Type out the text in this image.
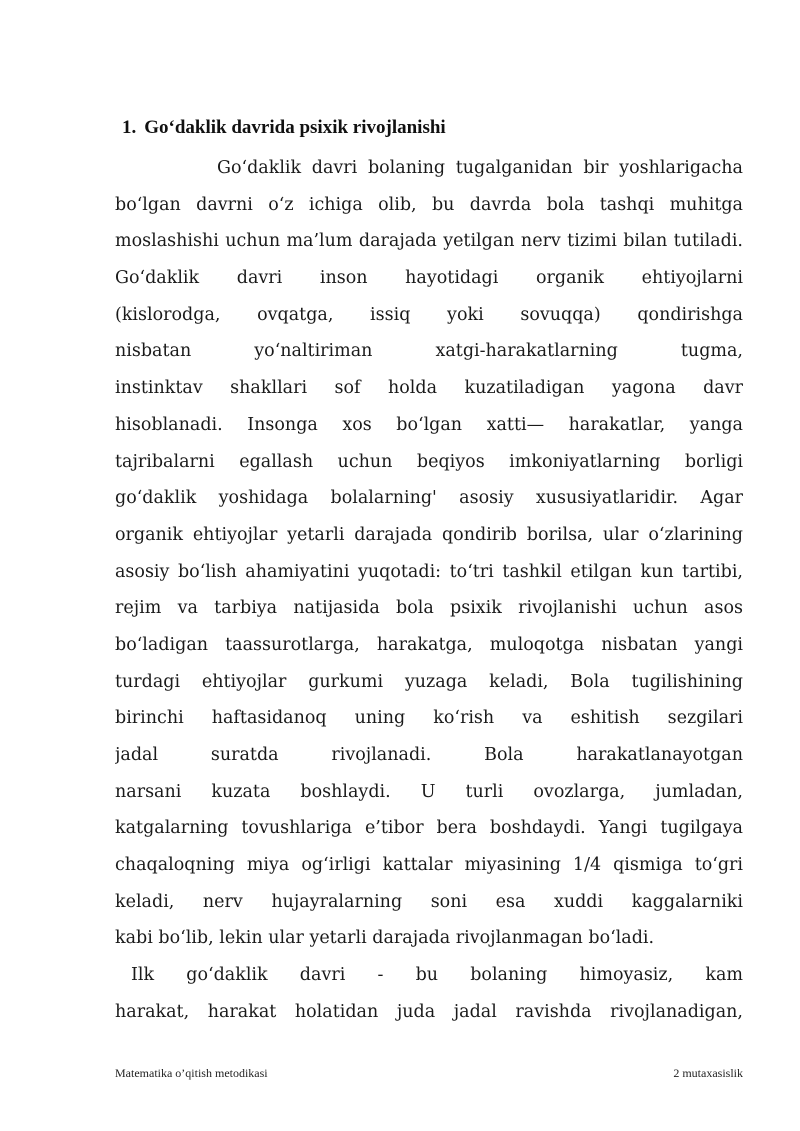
1. Go‘daklik davrida psixik rivojlanishi
Go‘daklik davri bolaning tugalganidan bir yoshlarigacha
bo‘lgan davrni o‘z ichiga olib, bu davrda bola tashqi muhitga
moslashishi uchun ma’lum darajada yetilgan nerv tizimi bilan tutiladi.
Go‘daklik davri inson hayotidagi organik ehtiyojlarni
(kislorodga, ovqatga, issiq yoki sovuqqa) qondirishga
nisbatan yo‘naltiriman xatgi-harakatlarning tugma,
instinktav shakllari sof holda kuzatiladigan yagona davr
hisoblanadi. Insonga xos bo‘lgan xatti— harakatlar, yanga
tajribalarni egallash uchun beqiyos imkoniyatlarning borligi
go‘daklik yoshidaga bolalarning' asosiy xususiyatlaridir. Agar
organik ehtiyojlar yetarli darajada qondirib borilsa, ular o‘zlarining
asosiy bo‘lish ahamiyatini yuqotadi: to‘tri tashkil etilgan kun tartibi,
rejim va tarbiya natijasida bola psixik rivojlanishi uchun asos
bo‘ladigan taassurotlarga, harakatga, muloqotga nisbatan yangi
turdagi ehtiyojlar gurkumi yuzaga keladi, Bola tugilishining
birinchi haftasidanoq uning ko‘rish va eshitish sezgilari
jadal suratda rivojlanadi. Bola harakatlanayotgan
narsani kuzata boshlaydi. U turli ovozlarga, jumladan,
katgalarning tovushlariga e’tibor bera boshdaydi. Yangi tugilgaya
chaqaloqning miya og‘irligi kattalar miyasining 1/4 qismiga to‘gri
keladi, nerv hujayralarning soni esa xuddi kaggalarniki
kabi bo‘lib, lekin ular yetarli darajada rivojlanmagan bo‘ladi.
Ilk go‘daklik davri - bu bolaning himoyasiz, kam
harakat, harakat holatidan juda jadal ravishda rivojlanadigan,
Matematika o’qitish metodikasi	2 mutaxasislik
